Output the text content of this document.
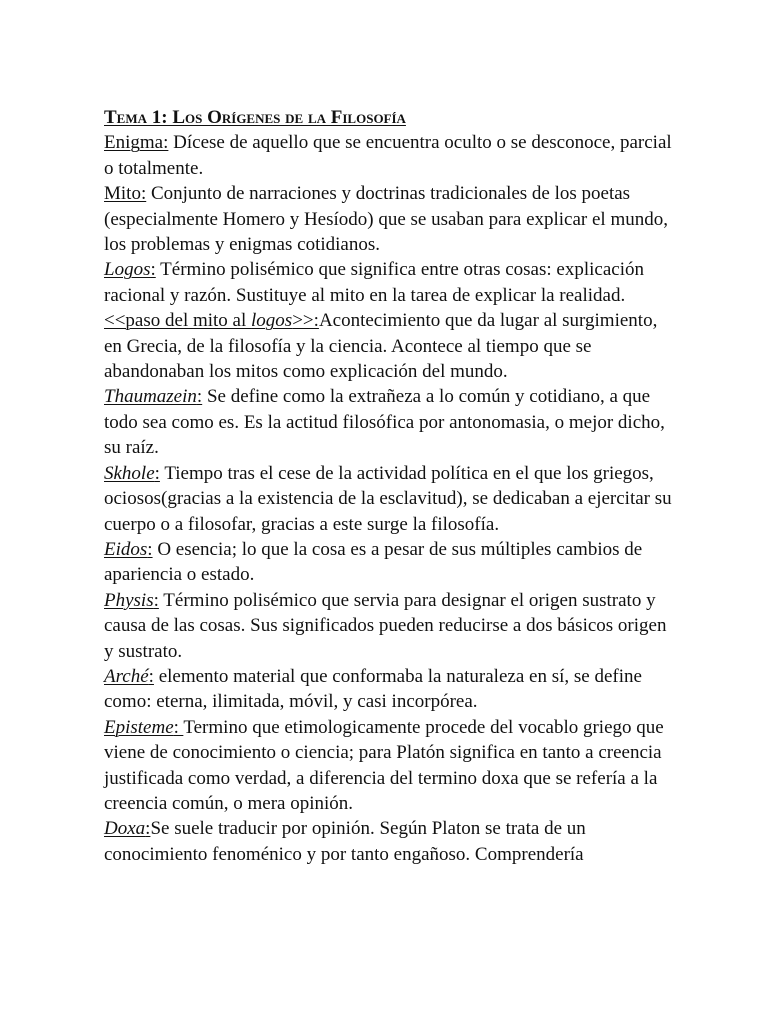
Tema 1: Los Orígenes de la Filosofía

Enigma: Dícese de aquello que se encuentra oculto o se desconoce, parcial o totalmente.

Mito: Conjunto de narraciones y doctrinas tradicionales de los poetas (especialmente Homero y Hesíodo) que se usaban para explicar el mundo, los problemas y enigmas cotidianos.

Logos: Término polisémico que significa entre otras cosas: explicación racional y razón. Sustituye al mito en la tarea de explicar la realidad.

<<paso del mito al logos>>:Acontecimiento que da lugar al surgimiento, en Grecia, de la filosofía y la ciencia. Acontece al tiempo que se abandonaban los mitos como explicación del mundo.

Thaumazein: Se define como la extrañeza a lo común y cotidiano, a que todo sea como es. Es la actitud filosófica por antonomasia, o mejor dicho, su raíz.

Skhole: Tiempo tras el cese de la actividad política en el que los griegos, ociosos(gracias a la existencia de la esclavitud), se dedicaban a ejercitar su cuerpo o a filosofar, gracias a este surge la filosofía.

Eidos: O esencia; lo que la cosa es a pesar de sus múltiples cambios de apariencia o estado.

Physis: Término polisémico que servia para designar el origen sustrato y causa de las cosas. Sus significados pueden reducirse a dos básicos origen y sustrato.

Arché: elemento material que conformaba la naturaleza en sí, se define como: eterna, ilimitada, móvil, y casi incorpórea.

Episteme: Termino que etimologicamente procede del vocablo griego que viene de conocimiento o ciencia; para Platón significa en tanto a creencia justificada como verdad, a diferencia del termino doxa que se refería a la creencia común, o mera opinión.

Doxa:Se suele traducir por opinión. Según Platon se trata de un conocimiento fenoménico y por tanto engañoso. Comprendería
